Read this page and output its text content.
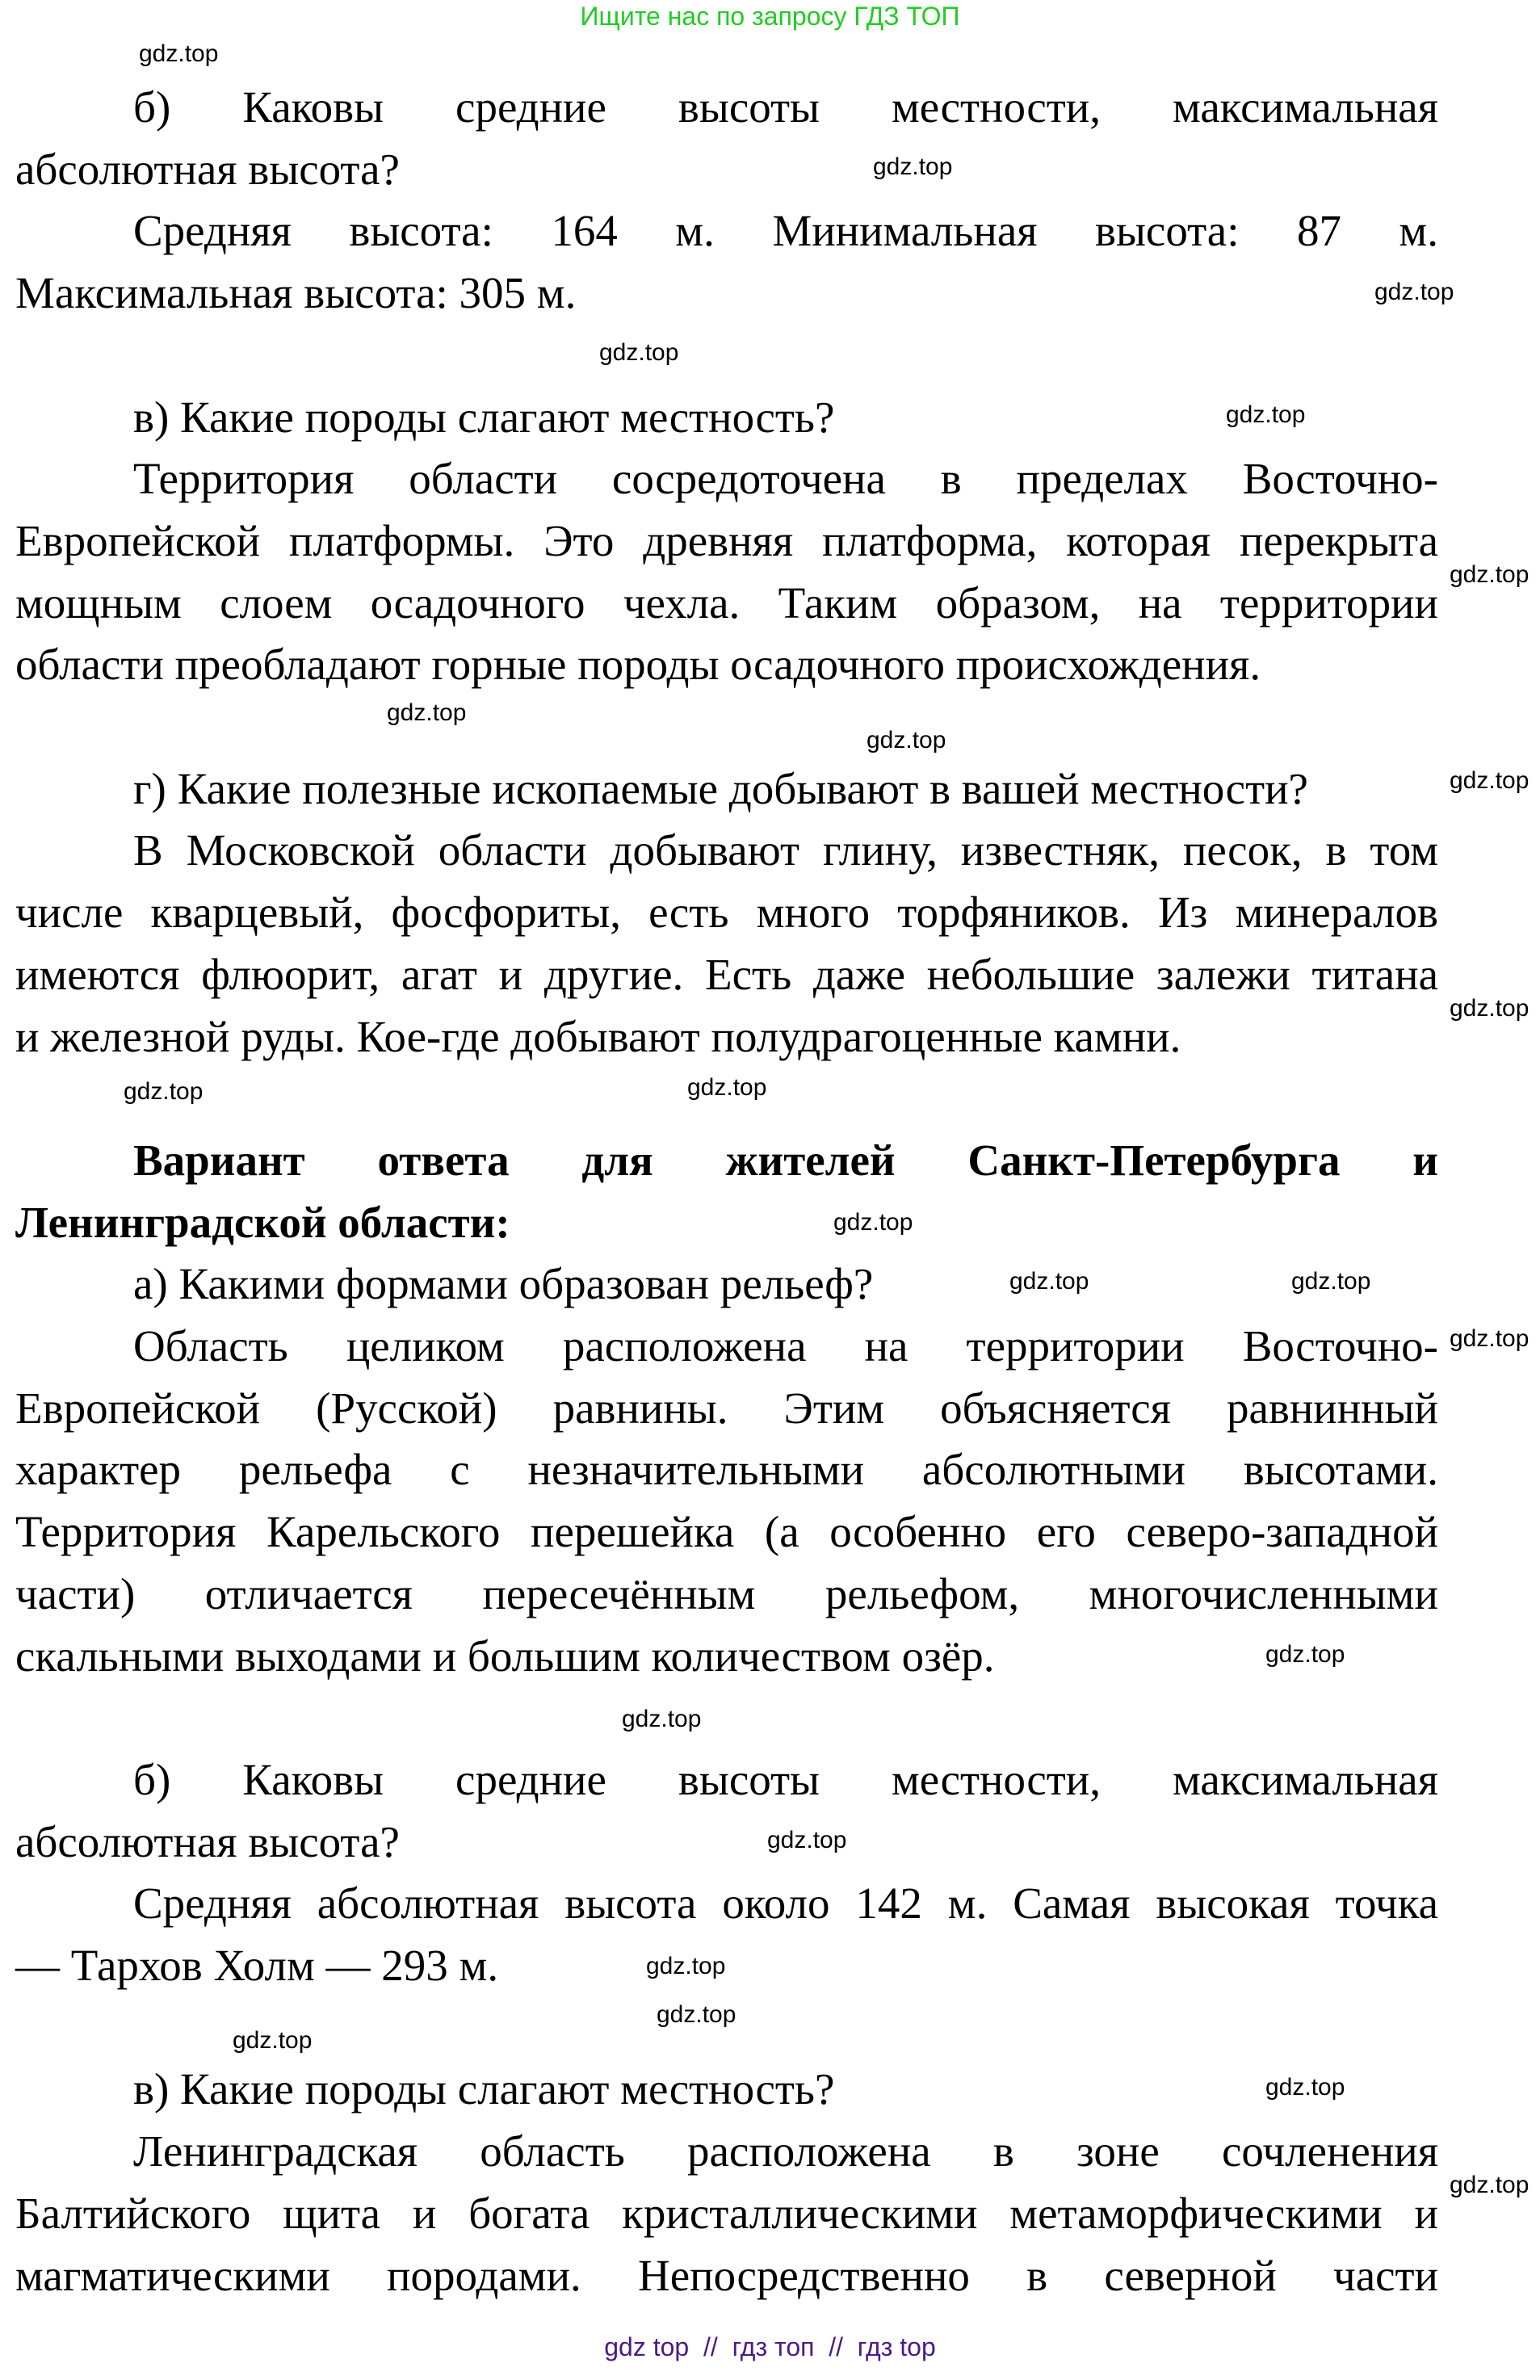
Ищите нас по запросу ГДЗ ТОП
б) Каковы средние высоты местности, максимальная
абсолютная высота?
Средняя высота: 164 м. Минимальная высота: 87 м.
Максимальная высота: 305 м.
в) Какие породы слагают местность?
Территория области сосредоточена в пределах Восточно-
Европейской платформы. Это древняя платформа, которая перекрыта
мощным слоем осадочного чехла. Таким образом, на территории
области преобладают горные породы осадочного происхождения.
г) Какие полезные ископаемые добывают в вашей местности?
В Московской области добывают глину, известняк, песок, в том
числе кварцевый, фосфориты, есть много торфяников. Из минералов
имеются флюорит, агат и другие. Есть даже небольшие залежи титана
и железной руды. Кое-где добывают полудрагоценные камни.
Вариант ответа для жителей Санкт-Петербурга и
Ленинградской области:
а) Какими формами образован рельеф?
Область целиком расположена на территории Восточно-
Европейской (Русской) равнины. Этим объясняется равнинный
характер рельефа с незначительными абсолютными высотами.
Территория Карельского перешейка (а особенно его северо-западной
части) отличается пересечённым рельефом, многочисленными
скальными выходами и большим количеством озёр.
б) Каковы средние высоты местности, максимальная
абсолютная высота?
Средняя абсолютная высота около 142 м. Самая высокая точка
— Тархов Холм — 293 м.
в) Какие породы слагают местность?
Ленинградская область расположена в зоне сочленения
Балтийского щита и богата кристаллическими метаморфическими и
магматическими породами. Непосредственно в северной части
gdz.top
gdz.top
gdz.top
gdz.top
gdz.top
gdz.top
gdz.top
gdz.top
gdz.top
gdz.top
gdz.top
gdz.top
gdz.top
gdz.top	gdz.top
gdz.top
gdz.top
gdz.top
gdz.top
gdz.top
gdz.top
gdz.top
gdz.top
gdz.top
gdz top  //  гдз топ  //  гдз top
